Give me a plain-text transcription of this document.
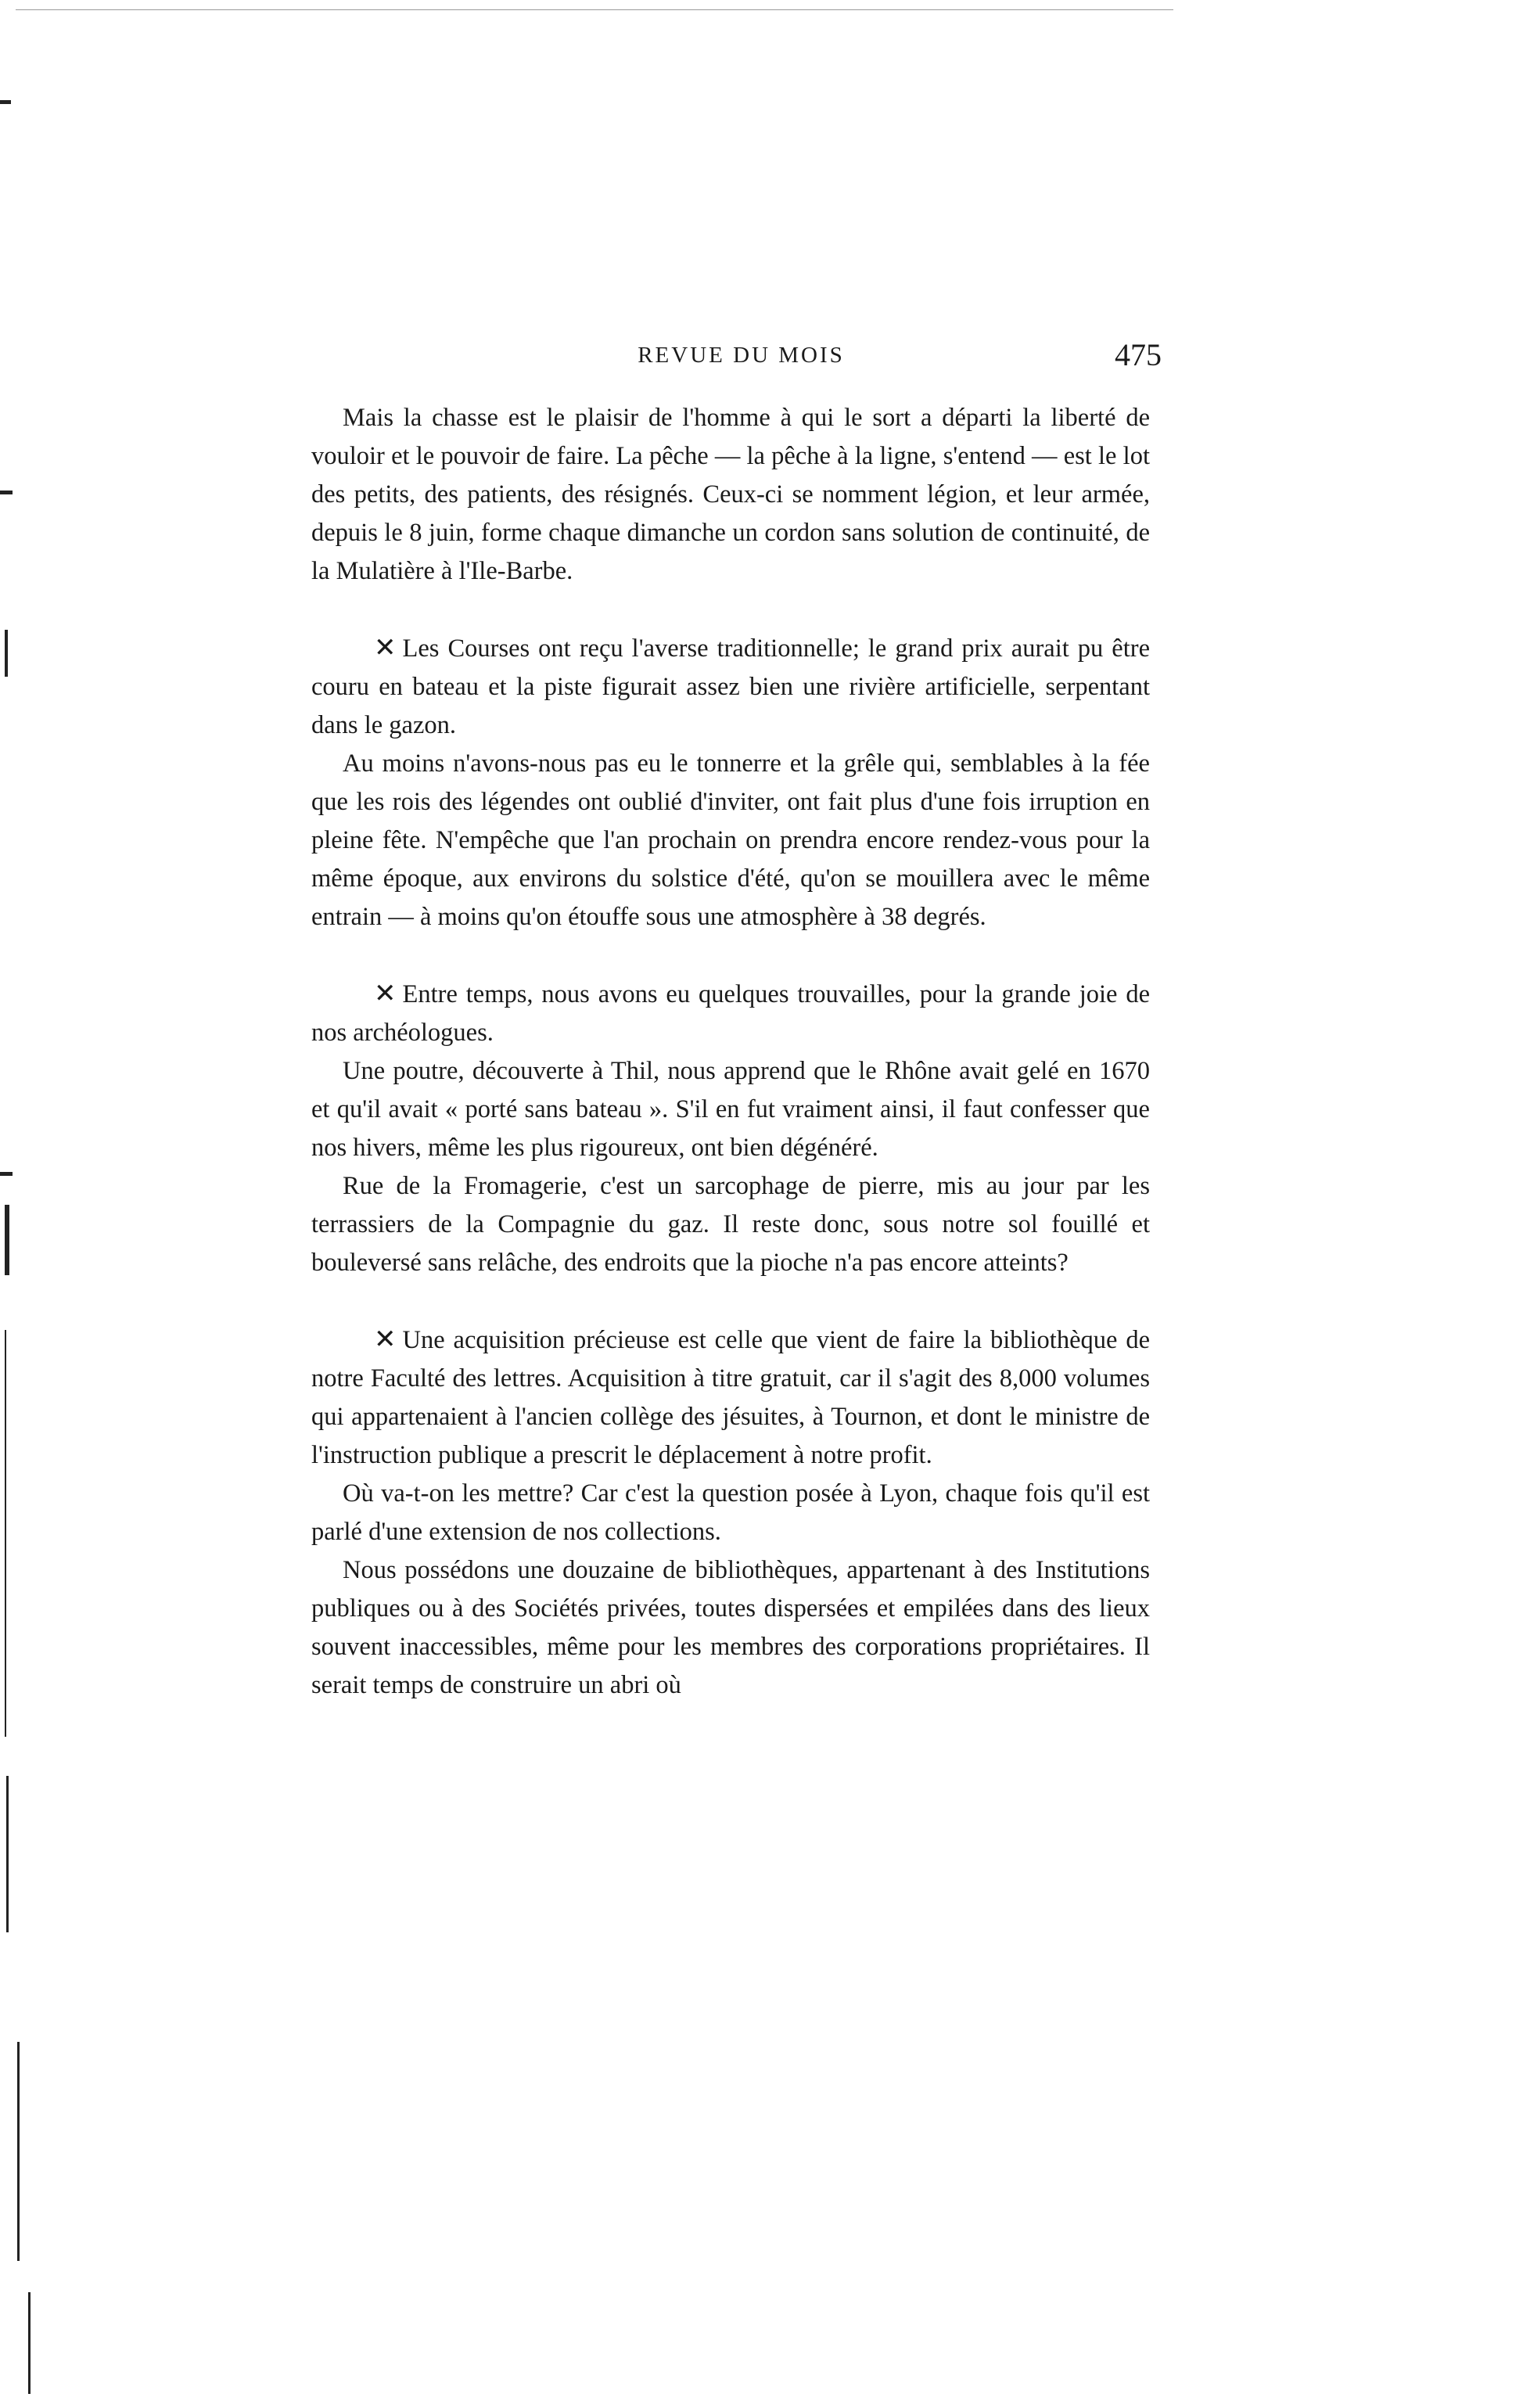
REVUE DU MOIS	475

Mais la chasse est le plaisir de l'homme à qui le sort a départi la liberté de vouloir et le pouvoir de faire. La pêche — la pêche à la ligne, s'entend — est le lot des petits, des patients, des résignés. Ceux-ci se nomment légion, et leur armée, depuis le 8 juin, forme chaque dimanche un cordon sans solution de continuité, de la Mulatière à l'Ile-Barbe.

✕ Les Courses ont reçu l'averse traditionnelle; le grand prix aurait pu être couru en bateau et la piste figurait assez bien une rivière artificielle, serpentant dans le gazon.

Au moins n'avons-nous pas eu le tonnerre et la grêle qui, semblables à la fée que les rois des légendes ont oublié d'inviter, ont fait plus d'une fois irruption en pleine fête. N'empêche que l'an prochain on prendra encore rendez-vous pour la même époque, aux environs du solstice d'été, qu'on se mouillera avec le même entrain — à moins qu'on étouffe sous une atmosphère à 38 degrés.

✕ Entre temps, nous avons eu quelques trouvailles, pour la grande joie de nos archéologues.

Une poutre, découverte à Thil, nous apprend que le Rhône avait gelé en 1670 et qu'il avait « porté sans bateau ». S'il en fut vraiment ainsi, il faut confesser que nos hivers, même les plus rigoureux, ont bien dégénéré.

Rue de la Fromagerie, c'est un sarcophage de pierre, mis au jour par les terrassiers de la Compagnie du gaz. Il reste donc, sous notre sol fouillé et bouleversé sans relâche, des endroits que la pioche n'a pas encore atteints?

✕ Une acquisition précieuse est celle que vient de faire la bibliothèque de notre Faculté des lettres. Acquisition à titre gratuit, car il s'agit des 8,000 volumes qui appartenaient à l'ancien collège des jésuites, à Tournon, et dont le ministre de l'instruction publique a prescrit le déplacement à notre profit.

Où va-t-on les mettre? Car c'est la question posée à Lyon, chaque fois qu'il est parlé d'une extension de nos collections.

Nous possédons une douzaine de bibliothèques, appartenant à des Institutions publiques ou à des Sociétés privées, toutes dispersées et empilées dans des lieux souvent inaccessibles, même pour les membres des corporations propriétaires. Il serait temps de construire un abri où
